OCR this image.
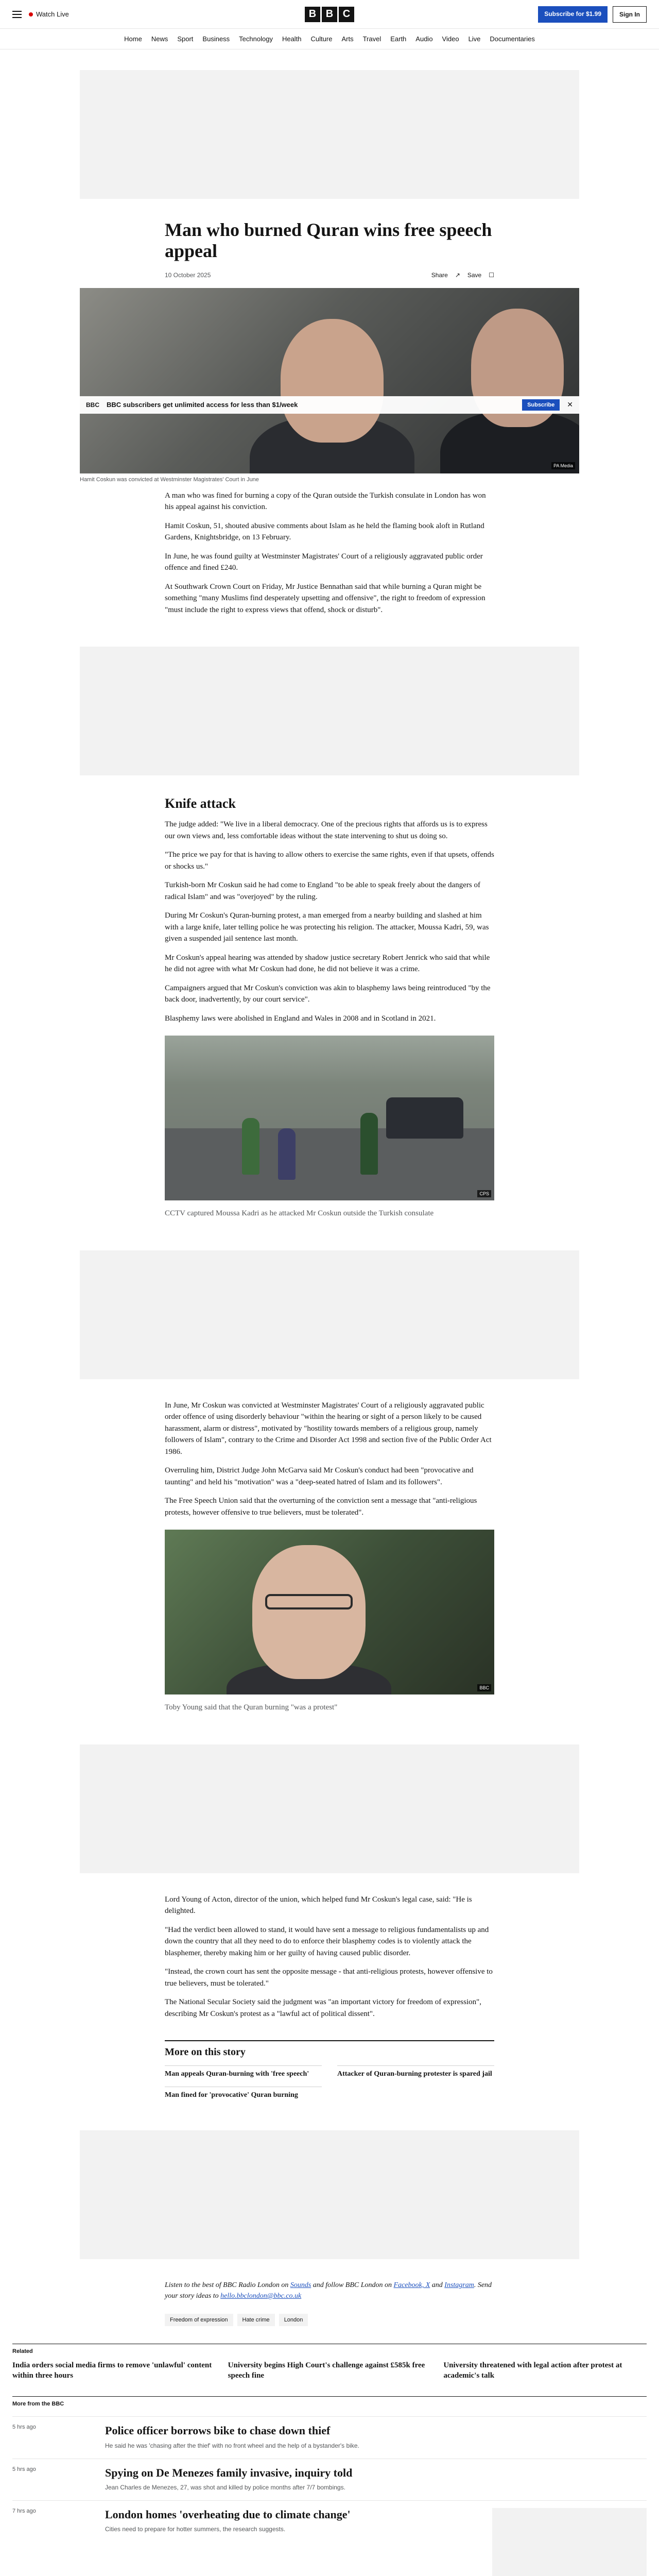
Watch Live	B B C	Subscribe for $1.99	Sign In
Home News Sport Business Technology Health Culture Arts Travel Earth Audio Video Live Documentaries
Man who burned Quran wins free speech appeal
10 October 2025	Share ↗ Save ☐
PA Media
BBC BBC subscribers get unlimited access for less than $1/week	Subscribe	✕

Hamit Coskun was convicted at Westminster Magistrates' Court in June

A man who was fined for burning a copy of the Quran outside the Turkish consulate in London has won his appeal against his conviction.

Hamit Coskun, 51, shouted abusive comments about Islam as he held the flaming book aloft in Rutland Gardens, Knightsbridge, on 13 February.

In June, he was found guilty at Westminster Magistrates' Court of a religiously aggravated public order offence and fined £240.

At Southwark Crown Court on Friday, Mr Justice Bennathan said that while burning a Quran might be something "many Muslims find desperately upsetting and offensive", the right to freedom of expression "must include the right to express views that offend, shock or disturb".

Knife attack

The judge added: "We live in a liberal democracy. One of the precious rights that affords us is to express our own views and, less comfortable ideas without the state intervening to shut us doing so.

"The price we pay for that is having to allow others to exercise the same rights, even if that upsets, offends or shocks us."

Turkish-born Mr Coskun said he had come to England "to be able to speak freely about the dangers of radical Islam" and was "overjoyed" by the ruling.

During Mr Coskun's Quran-burning protest, a man emerged from a nearby building and slashed at him with a large knife, later telling police he was protecting his religion. The attacker, Moussa Kadri, 59, was given a suspended jail sentence last month.

Mr Coskun's appeal hearing was attended by shadow justice secretary Robert Jenrick who said that while he did not agree with what Mr Coskun had done, he did not believe it was a crime.

Campaigners argued that Mr Coskun's conviction was akin to blasphemy laws being reintroduced "by the back door, inadvertently, by our court service".

Blasphemy laws were abolished in England and Wales in 2008 and in Scotland in 2021.

CPS

CCTV captured Moussa Kadri as he attacked Mr Coskun outside the Turkish consulate

In June, Mr Coskun was convicted at Westminster Magistrates' Court of a religiously aggravated public order offence of using disorderly behaviour "within the hearing or sight of a person likely to be caused harassment, alarm or distress", motivated by "hostility towards members of a religious group, namely followers of Islam", contrary to the Crime and Disorder Act 1998 and section five of the Public Order Act 1986.

Overruling him, District Judge John McGarva said Mr Coskun's conduct had been "provocative and taunting" and held his "motivation" was a "deep-seated hatred of Islam and its followers".

The Free Speech Union said that the overturning of the conviction sent a message that "anti-religious protests, however offensive to true believers, must be tolerated".

BBC

Toby Young said that the Quran burning "was a protest"

Lord Young of Acton, director of the union, which helped fund Mr Coskun's legal case, said: "He is delighted.

"Had the verdict been allowed to stand, it would have sent a message to religious fundamentalists up and down the country that all they need to do to enforce their blasphemy codes is to violently attack the blasphemer, thereby making him or her guilty of having caused public disorder.

"Instead, the crown court has sent the opposite message - that anti-religious protests, however offensive to true believers, must be tolerated."

The National Secular Society said the judgment was "an important victory for freedom of expression", describing Mr Coskun's protest as a "lawful act of political dissent".

More on this story
Man appeals Quran-burning with 'free speech'	Attacker of Quran-burning protester is spared jail
Man fined for 'provocative' Quran burning

Listen to the best of BBC Radio London on Sounds and follow BBC London on Facebook, X and Instagram. Send your story ideas to hello.bbclondon@bbc.co.uk

Freedom of expression	Hate crime	London
Related
India orders social media firms to remove 'unlawful' content within three hours
University begins High Court's challenge against £585k free speech fine
University threatened with legal action after protest at academic's talk
More from the BBC
5 hrs ago	Police officer borrows bike to chase down thief

He said he was 'chasing after the thief' with no front wheel and the help of a bystander's bike.

5 hrs ago	Spying on De Menezes family invasive, inquiry told

Jean Charles de Menezes, 27, was shot and killed by police months after 7/7 bombings.

7 hrs ago	London homes 'overheating due to climate change'

Cities need to prepare for hotter summers, the research suggests.
